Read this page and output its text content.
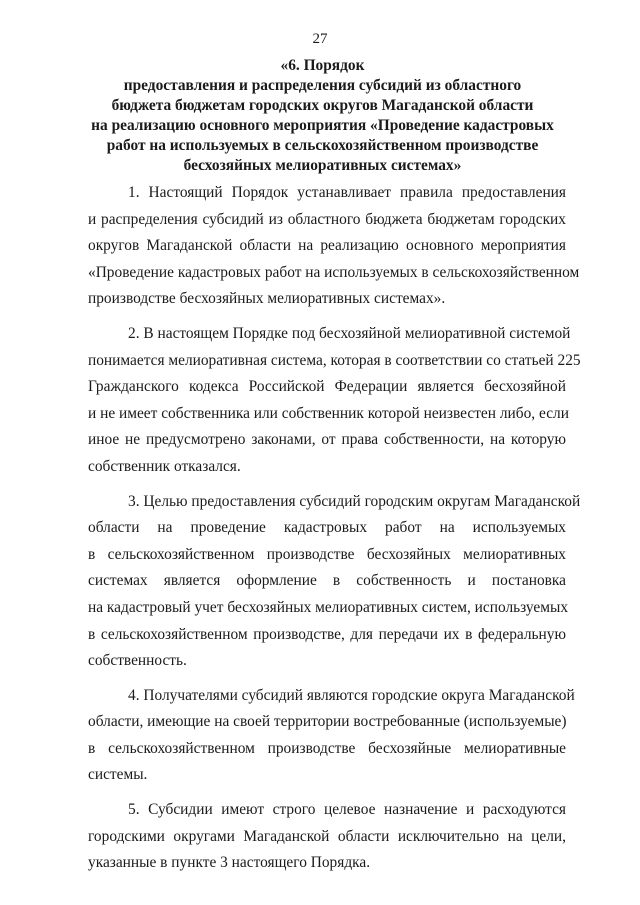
27
«6. Порядок
предоставления и распределения субсидий из областного
бюджета бюджетам городских округов Магаданской области
на реализацию основного мероприятия «Проведение кадастровых
работ на используемых в сельскохозяйственном производстве
бесхозяйных мелиоративных системах»
1. Настоящий Порядок устанавливает правила предоставления
и распределения субсидий из областного бюджета бюджетам городских
округов Магаданской области на реализацию основного мероприятия
«Проведение кадастровых работ на используемых в сельскохозяйственном
производстве бесхозяйных мелиоративных системах».
2. В настоящем Порядке под бесхозяйной мелиоративной системой
понимается мелиоративная система, которая в соответствии со статьей 225
Гражданского кодекса Российской Федерации является бесхозяйной
и не имеет собственника или собственник которой неизвестен либо, если
иное не предусмотрено законами, от права собственности, на которую
собственник отказался.
3. Целью предоставления субсидий городским округам Магаданской
области на проведение кадастровых работ на используемых
в сельскохозяйственном производстве бесхозяйных мелиоративных
системах является оформление в собственность и постановка
на кадастровый учет бесхозяйных мелиоративных систем, используемых
в сельскохозяйственном производстве, для передачи их в федеральную
собственность.
4. Получателями субсидий являются городские округа Магаданской
области, имеющие на своей территории востребованные (используемые)
в сельскохозяйственном производстве бесхозяйные мелиоративные
системы.
5. Субсидии имеют строго целевое назначение и расходуются
городскими округами Магаданской области исключительно на цели,
указанные в пункте 3 настоящего Порядка.
